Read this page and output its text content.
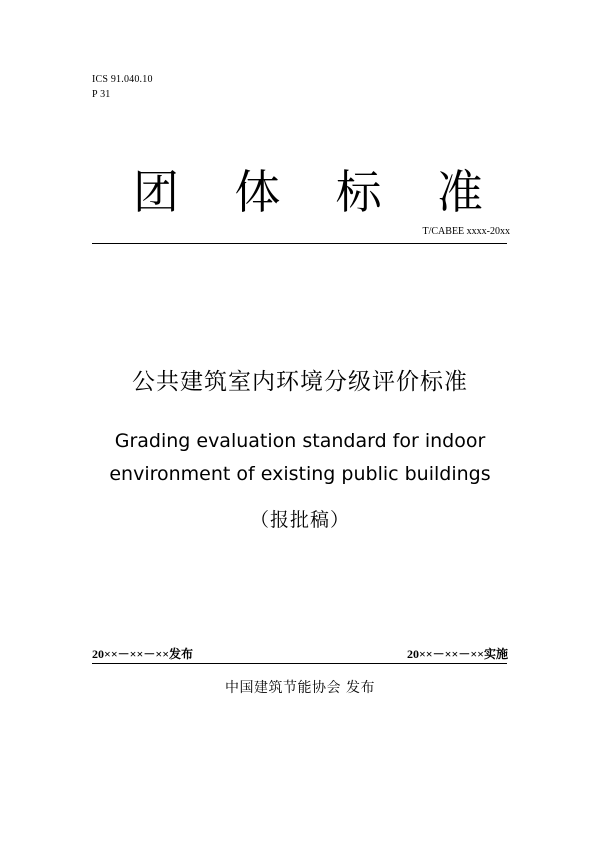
ICS 91.040.10
P 31
团 体 标 准
T/CABEE xxxx-20xx
公共建筑室内环境分级评价标准
Grading evaluation standard for indoor
environment of existing public buildings
（报批稿）
20××－××－××发布	20××－××－××实施
中国建筑节能协会 发布
